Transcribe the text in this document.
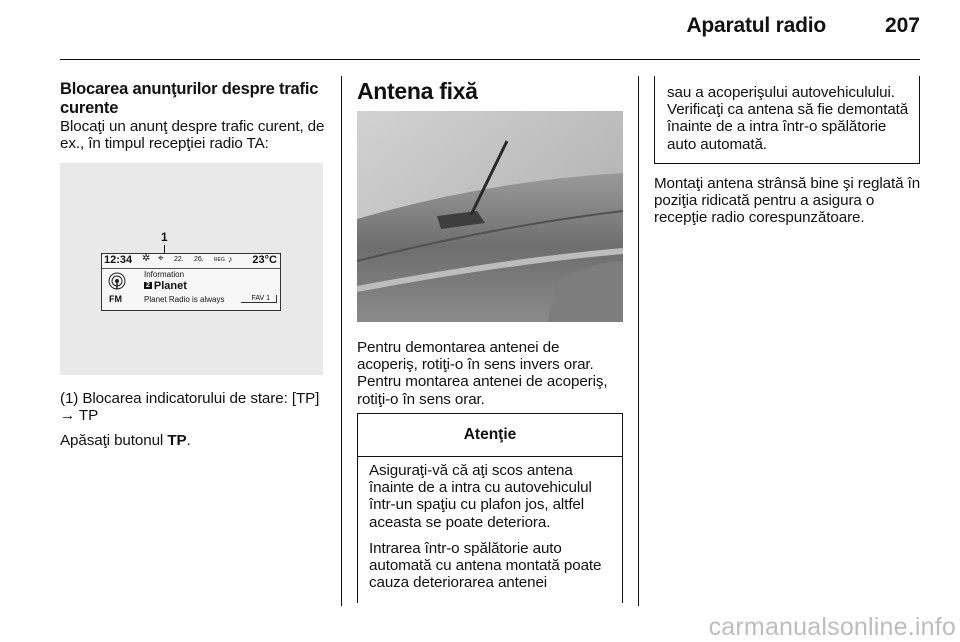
Aparatul radio	207
Blocarea anunţurilor despre trafic curente
Blocaţi un anunţ despre trafic curent, de ex., în timpul recepţiei radio TA:
1
12:34 ✲ ⌖ 22. 26. REG ♪ 23°C
FM
Information
2 Planet
Planet Radio is always	FAV 1
(1) Blocarea indicatorului de stare: [TP] → TP
Apăsaţi butonul TP.
Antena fixă
Pentru demontarea antenei de acoperiş, rotiţi-o în sens invers orar. Pentru montarea antenei de acoperiş, rotiţi-o în sens orar.
Atenţie
Asiguraţi-vă că aţi scos antena înainte de a intra cu autovehiculul într-un spaţiu cu plafon jos, altfel aceasta se poate deteriora.
Intrarea într-o spălătorie auto automată cu antena montată poate cauza deteriorarea antenei
sau a acoperişului autovehiculului. Verificaţi ca antena să fie demontată înainte de a intra într-o spălătorie auto automată.
Montaţi antena strânsă bine şi reglată în poziţia ridicată pentru a asigura o recepţie radio corespunzătoare.
carmanualsonline.info
